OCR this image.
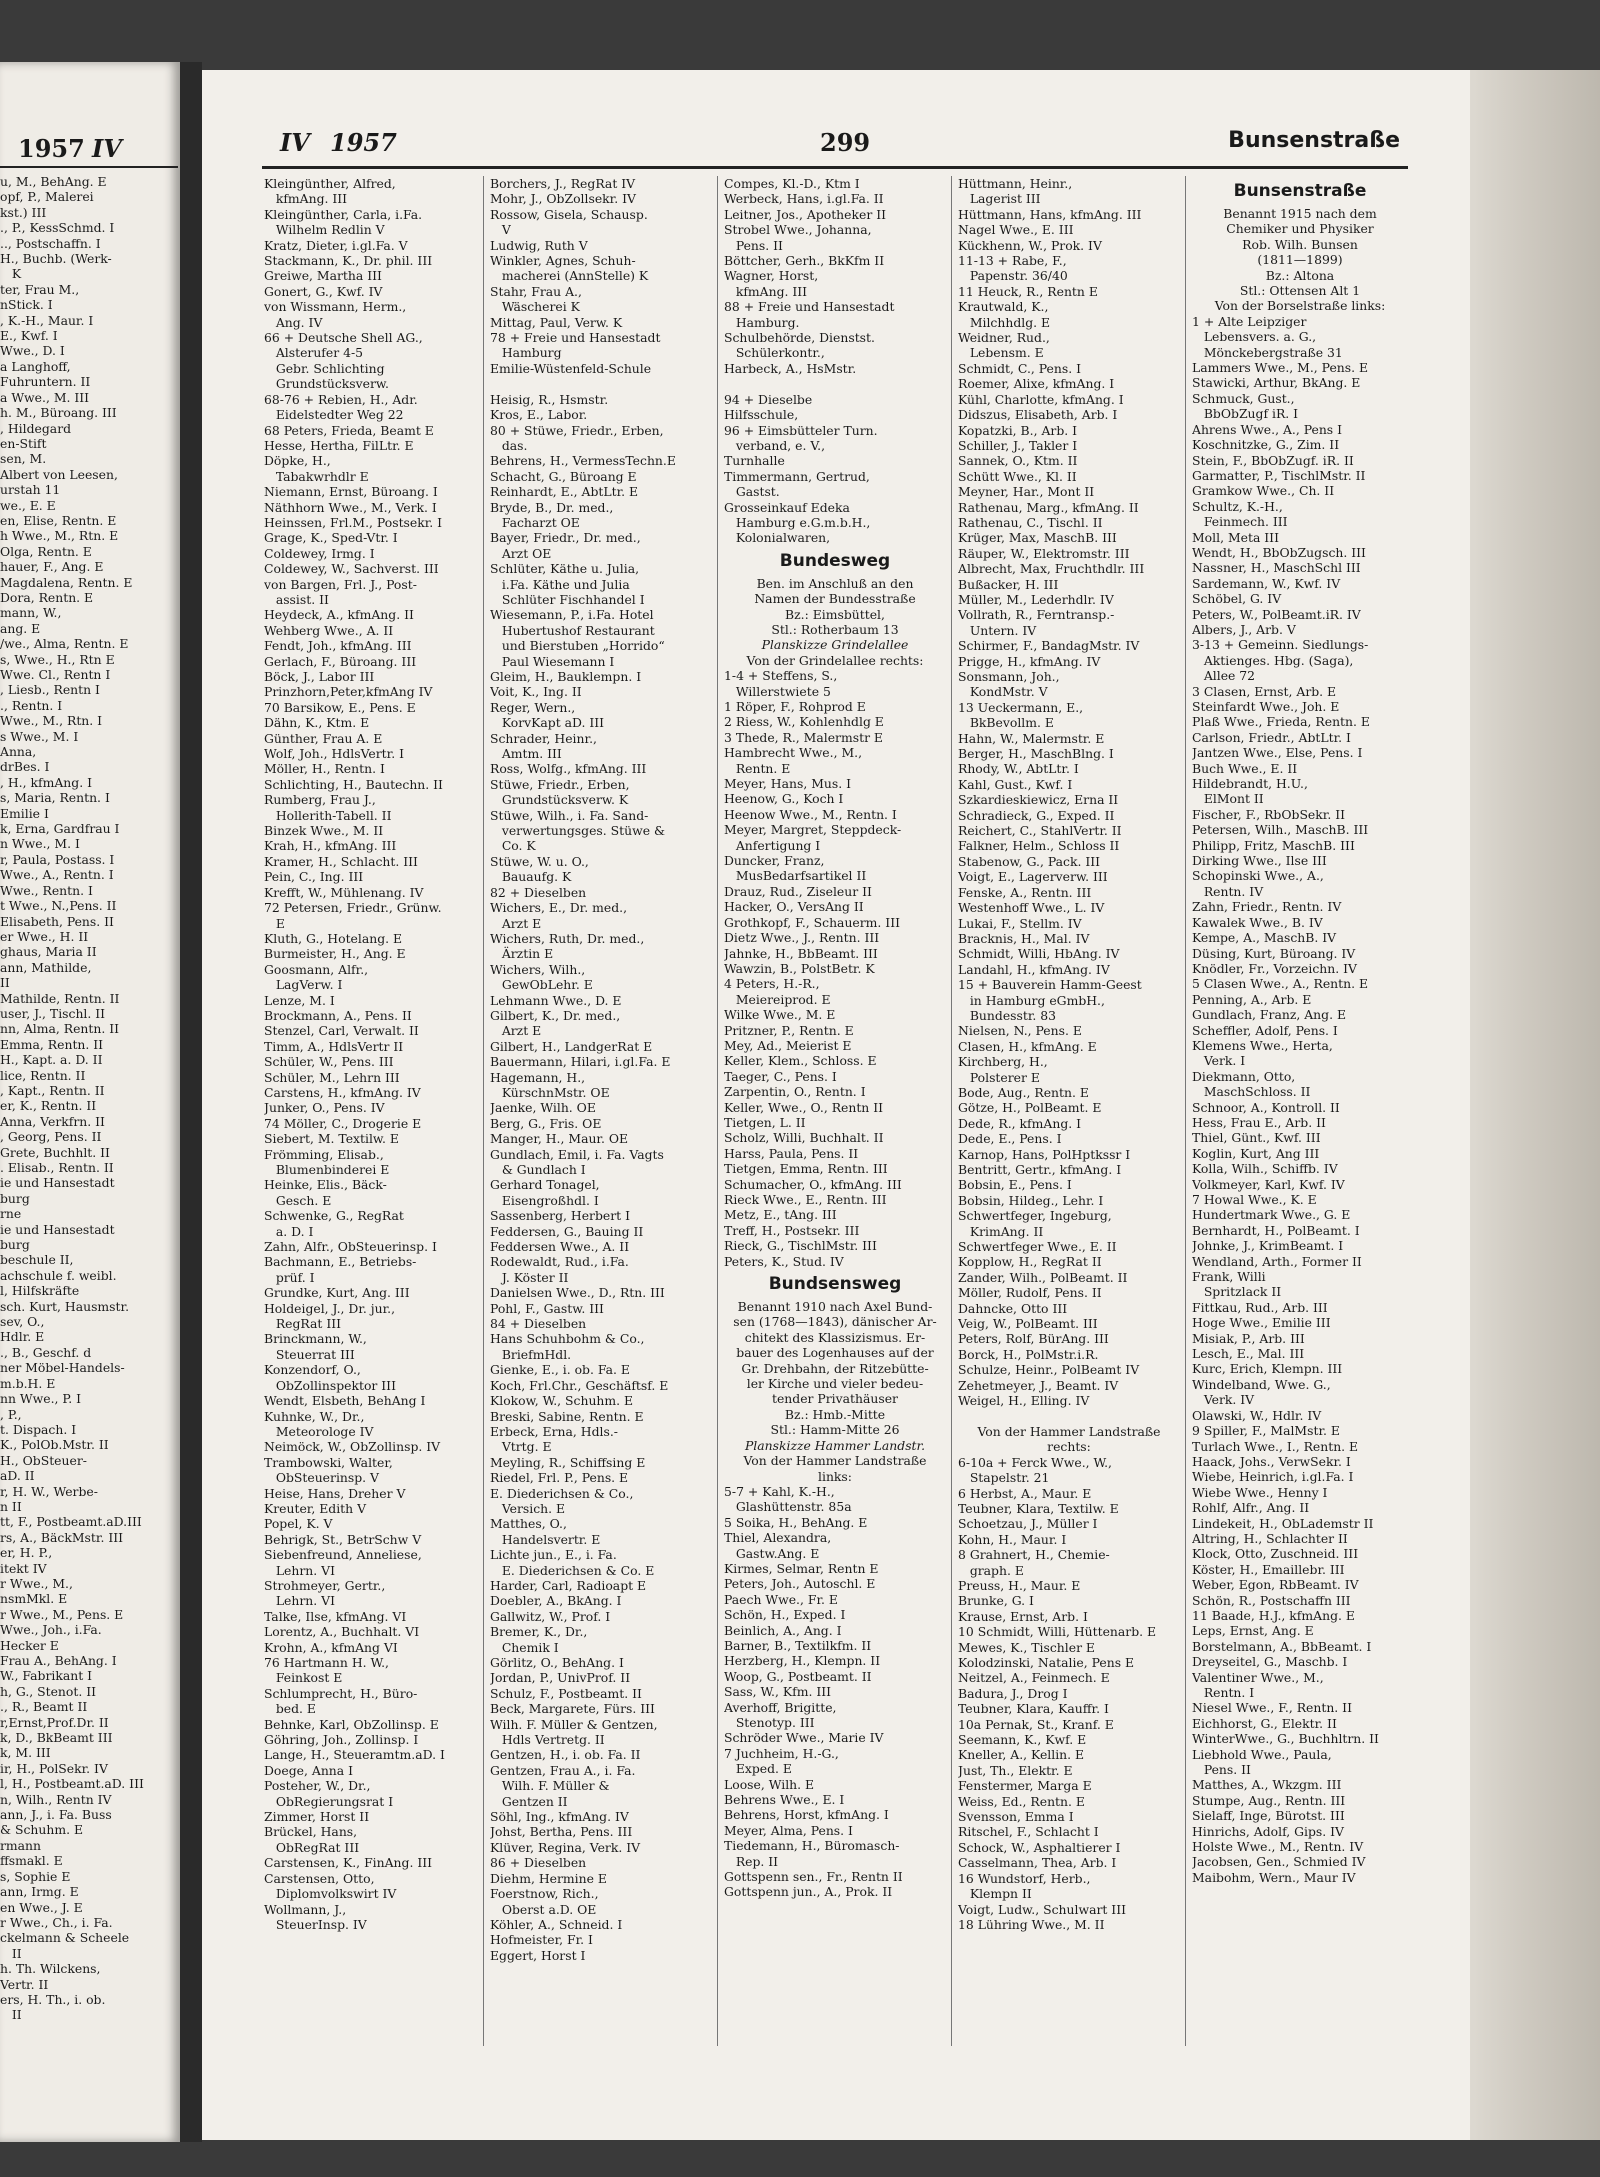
1957 IV
u, M., BehAng. E
opf, P., Malerei
kst.) III
., P., KessSchmd. I
.., Postschaffn. I
H., Buchb. (Werk-
K
ter, Frau M.,
nStick. I
, K.-H., Maur. I
E., Kwf. I
Wwe., D. I
a Langhoff,
Fuhruntern. II
a Wwe., M. III
h. M., Büroang. III
, Hildegard
en-Stift
sen, M.
Albert von Leesen,
urstah 11
we., E. E
en, Elise, Rentn. E
h Wwe., M., Rtn. E
Olga, Rentn. E
hauer, F., Ang. E
Magdalena, Rentn. E
Dora, Rentn. E
mann, W.,
ang. E
/we., Alma, Rentn. E
s, Wwe., H., Rtn E
Wwe. Cl., Rentn I
, Liesb., Rentn I
., Rentn. I
Wwe., M., Rtn. I
s Wwe., M. I
Anna,
drBes. I
, H., kfmAng. I
s, Maria, Rentn. I
Emilie I
k, Erna, Gardfrau I
n Wwe., M. I
r, Paula, Postass. I
Wwe., A., Rentn. I
Wwe., Rentn. I
t Wwe., N.,Pens. II
Elisabeth, Pens. II
er Wwe., H. II
ghaus, Maria II
ann, Mathilde,
II
Mathilde, Rentn. II
user, J., Tischl. II
nn, Alma, Rentn. II
Emma, Rentn. II
H., Kapt. a. D. II
lice, Rentn. II
, Kapt., Rentn. II
er, K., Rentn. II
Anna, Verkfrn. II
, Georg, Pens. II
Grete, Buchhlt. II
. Elisab., Rentn. II
ie und Hansestadt
burg
rne
ie und Hansestadt
burg
beschule II,
achschule f. weibl.
l, Hilfskräfte
sch. Kurt, Hausmstr.
sev, O.,
Hdlr. E
., B., Geschf. d
ner Möbel-Handels-
m.b.H. E
nn Wwe., P. I
, P.,
t. Dispach. I
K., PolOb.Mstr. II
H., ObSteuer-
aD. II
r, H. W., Werbe-
n II
tt, F., Postbeamt.aD.III
rs, A., BäckMstr. III
er, H. P.,
itekt IV
r Wwe., M.,
nsmMkl. E
r Wwe., M., Pens. E
Wwe., Joh., i.Fa.
Hecker E
Frau A., BehAng. I
W., Fabrikant I
h, G., Stenot. II
., R., Beamt II
r,Ernst,Prof.Dr. II
k, D., BkBeamt III
k, M. III
ir, H., PolSekr. IV
l, H., Postbeamt.aD. III
n, Wilh., Rentn IV
ann, J., i. Fa. Buss
& Schuhm. E
rmann
ffsmakl. E
s, Sophie E
ann, Irmg. E
en Wwe., J. E
r Wwe., Ch., i. Fa.
ckelmann & Scheele
II
h. Th. Wilckens,
Vertr. II
ers, H. Th., i. ob.
II
IV 1957	299	Bunsenstraße
Kleingünther, Alfred,
kfmAng. III
Kleingünther, Carla, i.Fa.
Wilhelm Redlin V
Kratz, Dieter, i.gl.Fa. V
Stackmann, K., Dr. phil. III
Greiwe, Martha III
Gonert, G., Kwf. IV
von Wissmann, Herm.,
Ang. IV
66 + Deutsche Shell AG.,
Alsterufer 4-5
Gebr. Schlichting
Grundstücksverw.
68-76 + Rebien, H., Adr.
Eidelstedter Weg 22
68 Peters, Frieda, Beamt E
Hesse, Hertha, FilLtr. E
Döpke, H.,
Tabakwrhdlr E
Niemann, Ernst, Büroang. I
Näthhorn Wwe., M., Verk. I
Heinssen, Frl.M., Postsekr. I
Grage, K., Sped-Vtr. I
Coldewey, Irmg. I
Coldewey, W., Sachverst. III
von Bargen, Frl. J., Post-
assist. II
Heydeck, A., kfmAng. II
Wehberg Wwe., A. II
Fendt, Joh., kfmAng. III
Gerlach, F., Büroang. III
Böck, J., Labor III
Prinzhorn,Peter,kfmAng IV
70 Barsikow, E., Pens. E
Dähn, K., Ktm. E
Günther, Frau A. E
Wolf, Joh., HdlsVertr. I
Möller, H., Rentn. I
Schlichting, H., Bautechn. II
Rumberg, Frau J.,
Hollerith-Tabell. II
Binzek Wwe., M. II
Krah, H., kfmAng. III
Kramer, H., Schlacht. III
Pein, C., Ing. III
Krefft, W., Mühlenang. IV
72 Petersen, Friedr., Grünw.
E
Kluth, G., Hotelang. E
Burmeister, H., Ang. E
Goosmann, Alfr.,
LagVerw. I
Lenze, M. I
Brockmann, A., Pens. II
Stenzel, Carl, Verwalt. II
Timm, A., HdlsVertr II
Schüler, W., Pens. III
Schüler, M., Lehrn III
Carstens, H., kfmAng. IV
Junker, O., Pens. IV
74 Möller, C., Drogerie E
Siebert, M. Textilw. E
Frömming, Elisab.,
Blumenbinderei E
Heinke, Elis., Bäck-
Gesch. E
Schwenke, G., RegRat
a. D. I
Zahn, Alfr., ObSteuerinsp. I
Bachmann, E., Betriebs-
prüf. I
Grundke, Kurt, Ang. III
Holdeigel, J., Dr. jur.,
RegRat III
Brinckmann, W.,
Steuerrat III
Konzendorf, O.,
ObZollinspektor III
Wendt, Elsbeth, BehAng I
Kuhnke, W., Dr.,
Meteorologe IV
Neimöck, W., ObZollinsp. IV
Trambowski, Walter,
ObSteuerinsp. V
Heise, Hans, Dreher V
Kreuter, Edith V
Popel, K. V
Behrigk, St., BetrSchw V
Siebenfreund, Anneliese,
Lehrn. VI
Strohmeyer, Gertr.,
Lehrn. VI
Talke, Ilse, kfmAng. VI
Lorentz, A., Buchhalt. VI
Krohn, A., kfmAng VI
76 Hartmann H. W.,
Feinkost E
Schlumprecht, H., Büro-
bed. E
Behnke, Karl, ObZollinsp. E
Göhring, Joh., Zollinsp. I
Lange, H., Steueramtm.aD. I
Doege, Anna I
Posteher, W., Dr.,
ObRegierungsrat I
Zimmer, Horst II
Brückel, Hans,
ObRegRat III
Carstensen, K., FinAng. III
Carstensen, Otto,
Diplomvolkswirt IV
Wollmann, J.,
SteuerInsp. IV
Borchers, J., RegRat IV
Mohr, J., ObZollsekr. IV
Rossow, Gisela, Schausp.
V
Ludwig, Ruth V
Winkler, Agnes, Schuh-
macherei (AnnStelle) K
Stahr, Frau A.,
Wäscherei K
Mittag, Paul, Verw. K
78 + Freie und Hansestadt
Hamburg
Emilie-Wüstenfeld-Schule

Heisig, R., Hsmstr.
Kros, E., Labor.
80 + Stüwe, Friedr., Erben,
das.
Behrens, H., VermessTechn.E
Schacht, G., Büroang E
Reinhardt, E., AbtLtr. E
Bryde, B., Dr. med.,
Facharzt OE
Bayer, Friedr., Dr. med.,
Arzt OE
Schlüter, Käthe u. Julia,
i.Fa. Käthe und Julia
Schlüter Fischhandel I
Wiesemann, P., i.Fa. Hotel
Hubertushof Restaurant
und Bierstuben „Horrido“
Paul Wiesemann I
Gleim, H., Bauklempn. I
Voit, K., Ing. II
Reger, Wern.,
KorvKapt aD. III
Schrader, Heinr.,
Amtm. III
Ross, Wolfg., kfmAng. III
Stüwe, Friedr., Erben,
Grundstücksverw. K
Stüwe, Wilh., i. Fa. Sand-
verwertungsges. Stüwe &
Co. K
Stüwe, W. u. O.,
Bauaufg. K
82 + Dieselben
Wichers, E., Dr. med.,
Arzt E
Wichers, Ruth, Dr. med.,
Ärztin E
Wichers, Wilh.,
GewObLehr. E
Lehmann Wwe., D. E
Gilbert, K., Dr. med.,
Arzt E
Gilbert, H., LandgerRat E
Bauermann, Hilari, i.gl.Fa. E
Hagemann, H.,
KürschnMstr. OE
Jaenke, Wilh. OE
Berg, G., Fris. OE
Manger, H., Maur. OE
Gundlach, Emil, i. Fa. Vagts
& Gundlach I
Gerhard Tonagel,
Eisengroßhdl. I
Sassenberg, Herbert I
Feddersen, G., Bauing II
Feddersen Wwe., A. II
Rodewaldt, Rud., i.Fa.
J. Köster II
Danielsen Wwe., D., Rtn. III
Pohl, F., Gastw. III
84 + Dieselben
Hans Schuhbohm & Co.,
BriefmHdl.
Gienke, E., i. ob. Fa. E
Koch, Frl.Chr., Geschäftsf. E
Klokow, W., Schuhm. E
Breski, Sabine, Rentn. E
Erbeck, Erna, Hdls.-
Vtrtg. E
Meyling, R., Schiffsing E
Riedel, Frl. P., Pens. E
E. Diederichsen & Co.,
Versich. E
Matthes, O.,
Handelsvertr. E
Lichte jun., E., i. Fa.
E. Diederichsen & Co. E
Harder, Carl, Radioapt E
Doebler, A., BkAng. I
Gallwitz, W., Prof. I
Bremer, K., Dr.,
Chemik I
Görlitz, O., BehAng. I
Jordan, P., UnivProf. II
Schulz, F., Postbeamt. II
Beck, Margarete, Fürs. III
Wilh. F. Müller & Gentzen,
Hdls Vertretg. II
Gentzen, H., i. ob. Fa. II
Gentzen, Frau A., i. Fa.
Wilh. F. Müller &
Gentzen II
Söhl, Ing., kfmAng. IV
Johst, Bertha, Pens. III
Klüver, Regina, Verk. IV
86 + Dieselben
Diehm, Hermine E
Foerstnow, Rich.,
Oberst a.D. OE
Köhler, A., Schneid. I
Hofmeister, Fr. I
Eggert, Horst I
Compes, Kl.-D., Ktm I
Werbeck, Hans, i.gl.Fa. II
Leitner, Jos., Apotheker II
Strobel Wwe., Johanna,
Pens. II
Böttcher, Gerh., BkKfm II
Wagner, Horst,
kfmAng. III
88 + Freie und Hansestadt
Hamburg.
Schulbehörde, Dienstst.
Schülerkontr.,
Harbeck, A., HsMstr.

94 + Dieselbe
Hilfsschule,
96 + Eimsbütteler Turn.
verband, e. V.,
Turnhalle
Timmermann, Gertrud,
Gastst.
Grosseinkauf Edeka
Hamburg e.G.m.b.H.,
Kolonialwaren,
Bundesweg
Ben. im Anschluß an den
Namen der Bundesstraße
Bz.: Eimsbüttel,
Stl.: Rotherbaum 13
Planskizze Grindelallee
Von der Grindelallee rechts:
1-4 + Steffens, S.,
Willerstwiete 5
1 Röper, F., Rohprod E
2 Riess, W., Kohlenhdlg E
3 Thede, R., Malermstr E
Hambrecht Wwe., M.,
Rentn. E
Meyer, Hans, Mus. I
Heenow, G., Koch I
Heenow Wwe., M., Rentn. I
Meyer, Margret, Steppdeck-
Anfertigung I
Duncker, Franz,
MusBedarfsartikel II
Drauz, Rud., Ziseleur II
Hacker, O., VersAng II
Grothkopf, F., Schauerm. III
Dietz Wwe., J., Rentn. III
Jahnke, H., BbBeamt. III
Wawzin, B., PolstBetr. K
4 Peters, H.-R.,
Meiereiprod. E
Wilke Wwe., M. E
Pritzner, P., Rentn. E
Mey, Ad., Meierist E
Keller, Klem., Schloss. E
Taeger, C., Pens. I
Zarpentin, O., Rentn. I
Keller, Wwe., O., Rentn II
Tietgen, L. II
Scholz, Willi, Buchhalt. II
Harss, Paula, Pens. II
Tietgen, Emma, Rentn. III
Schumacher, O., kfmAng. III
Rieck Wwe., E., Rentn. III
Metz, E., tAng. III
Treff, H., Postsekr. III
Rieck, G., TischlMstr. III
Peters, K., Stud. IV
Bundsensweg
Benannt 1910 nach Axel Bund-
sen (1768—1843), dänischer Ar-
chitekt des Klassizismus. Er-
bauer des Logenhauses auf der
Gr. Drehbahn, der Ritzebütte-
ler Kirche und vieler bedeu-
tender Privathäuser
Bz.: Hmb.-Mitte
Stl.: Hamm-Mitte 26
Planskizze Hammer Landstr.
Von der Hammer Landstraße
links:
5-7 + Kahl, K.-H.,
Glashüttenstr. 85a
5 Soika, H., BehAng. E
Thiel, Alexandra,
Gastw.Ang. E
Kirmes, Selmar, Rentn E
Peters, Joh., Autoschl. E
Paech Wwe., Fr. E
Schön, H., Exped. I
Beinlich, A., Ang. I
Barner, B., Textilkfm. II
Herzberg, H., Klempn. II
Woop, G., Postbeamt. II
Sass, W., Kfm. III
Averhoff, Brigitte,
Stenotyp. III
Schröder Wwe., Marie IV
7 Juchheim, H.-G.,
Exped. E
Loose, Wilh. E
Behrens Wwe., E. I
Behrens, Horst, kfmAng. I
Meyer, Alma, Pens. I
Tiedemann, H., Büromasch-
Rep. II
Gottspenn sen., Fr., Rentn II
Gottspenn jun., A., Prok. II
Hüttmann, Heinr.,
Lagerist III
Hüttmann, Hans, kfmAng. III
Nagel Wwe., E. III
Kückhenn, W., Prok. IV
11-13 + Rabe, F.,
Papenstr. 36/40
11 Heuck, R., Rentn E
Krautwald, K.,
Milchhdlg. E
Weidner, Rud.,
Lebensm. E
Schmidt, C., Pens. I
Roemer, Alixe, kfmAng. I
Kühl, Charlotte, kfmAng. I
Didszus, Elisabeth, Arb. I
Kopatzki, B., Arb. I
Schiller, J., Takler I
Sannek, O., Ktm. II
Schütt Wwe., Kl. II
Meyner, Har., Mont II
Rathenau, Marg., kfmAng. II
Rathenau, C., Tischl. II
Krüger, Max, MaschB. III
Räuper, W., Elektromstr. III
Albrecht, Max, Fruchthdlr. III
Bußacker, H. III
Müller, M., Lederhdlr. IV
Vollrath, R., Ferntransp.-
Untern. IV
Schirmer, F., BandagMstr. IV
Prigge, H., kfmAng. IV
Sonsmann, Joh.,
KondMstr. V
13 Ueckermann, E.,
BkBevollm. E
Hahn, W., Malermstr. E
Berger, H., MaschBlng. I
Rhody, W., AbtLtr. I
Kahl, Gust., Kwf. I
Szkardieskiewicz, Erna II
Schradieck, G., Exped. II
Reichert, C., StahlVertr. II
Falkner, Helm., Schloss II
Stabenow, G., Pack. III
Voigt, E., Lagerverw. III
Fenske, A., Rentn. III
Westenhoff Wwe., L. IV
Lukai, F., Stellm. IV
Bracknis, H., Mal. IV
Schmidt, Willi, HbAng. IV
Landahl, H., kfmAng. IV
15 + Bauverein Hamm-Geest
in Hamburg eGmbH.,
Bundesstr. 83
Nielsen, N., Pens. E
Clasen, H., kfmAng. E
Kirchberg, H.,
Polsterer E
Bode, Aug., Rentn. E
Götze, H., PolBeamt. E
Dede, R., kfmAng. I
Dede, E., Pens. I
Karnop, Hans, PolHptkssr I
Bentritt, Gertr., kfmAng. I
Bobsin, E., Pens. I
Bobsin, Hildeg., Lehr. I
Schwertfeger, Ingeburg,
KrimAng. II
Schwertfeger Wwe., E. II
Kopplow, H., RegRat II
Zander, Wilh., PolBeamt. II
Möller, Rudolf, Pens. II
Dahncke, Otto III
Veig, W., PolBeamt. III
Peters, Rolf, BürAng. III
Borck, H., PolMstr.i.R.
Schulze, Heinr., PolBeamt IV
Zehetmeyer, J., Beamt. IV
Weigel, H., Elling. IV

Von der Hammer Landstraße
rechts:
6-10a + Ferck Wwe., W.,
Stapelstr. 21
6 Herbst, A., Maur. E
Teubner, Klara, Textilw. E
Schoetzau, J., Müller I
Kohn, H., Maur. I
8 Grahnert, H., Chemie-
graph. E
Preuss, H., Maur. E
Brunke, G. I
Krause, Ernst, Arb. I
10 Schmidt, Willi, Hüttenarb. E
Mewes, K., Tischler E
Kolodzinski, Natalie, Pens E
Neitzel, A., Feinmech. E
Badura, J., Drog I
Teubner, Klara, Kauffr. I
10a Pernak, St., Kranf. E
Seemann, K., Kwf. E
Kneller, A., Kellin. E
Just, Th., Elektr. E
Fenstermer, Marga E
Weiss, Ed., Rentn. E
Svensson, Emma I
Ritschel, F., Schlacht I
Schock, W., Asphaltierer I
Casselmann, Thea, Arb. I
16 Wundstorf, Herb.,
Klempn II
Voigt, Ludw., Schulwart III
18 Lühring Wwe., M. II
Bunsenstraße
Benannt 1915 nach dem
Chemiker und Physiker
Rob. Wilh. Bunsen
(1811—1899)
Bz.: Altona
Stl.: Ottensen Alt 1
Von der Borselstraße links:
1 + Alte Leipziger
Lebensvers. a. G.,
Mönckebergstraße 31
Lammers Wwe., M., Pens. E
Stawicki, Arthur, BkAng. E
Schmuck, Gust.,
BbObZugf iR. I
Ahrens Wwe., A., Pens I
Koschnitzke, G., Zim. II
Stein, F., BbObZugf. iR. II
Garmatter, P., TischlMstr. II
Gramkow Wwe., Ch. II
Schultz, K.-H.,
Feinmech. III
Moll, Meta III
Wendt, H., BbObZugsch. III
Nassner, H., MaschSchl III
Sardemann, W., Kwf. IV
Schöbel, G. IV
Peters, W., PolBeamt.iR. IV
Albers, J., Arb. V
3-13 + Gemeinn. Siedlungs-
Aktienges. Hbg. (Saga),
Allee 72
3 Clasen, Ernst, Arb. E
Steinfardt Wwe., Joh. E
Plaß Wwe., Frieda, Rentn. E
Carlson, Friedr., AbtLtr. I
Jantzen Wwe., Else, Pens. I
Buch Wwe., E. II
Hildebrandt, H.U.,
ElMont II
Fischer, F., RbObSekr. II
Petersen, Wilh., MaschB. III
Philipp, Fritz, MaschB. III
Dirking Wwe., Ilse III
Schopinski Wwe., A.,
Rentn. IV
Zahn, Friedr., Rentn. IV
Kawalek Wwe., B. IV
Kempe, A., MaschB. IV
Düsing, Kurt, Büroang. IV
Knödler, Fr., Vorzeichn. IV
5 Clasen Wwe., A., Rentn. E
Penning, A., Arb. E
Gundlach, Franz, Ang. E
Scheffler, Adolf, Pens. I
Klemens Wwe., Herta,
Verk. I
Diekmann, Otto,
MaschSchloss. II
Schnoor, A., Kontroll. II
Hess, Frau E., Arb. II
Thiel, Günt., Kwf. III
Koglin, Kurt, Ang III
Kolla, Wilh., Schiffb. IV
Volkmeyer, Karl, Kwf. IV
7 Howal Wwe., K. E
Hundertmark Wwe., G. E
Bernhardt, H., PolBeamt. I
Johnke, J., KrimBeamt. I
Wendland, Arth., Former II
Frank, Willi
Spritzlack II
Fittkau, Rud., Arb. III
Hoge Wwe., Emilie III
Misiak, P., Arb. III
Lesch, E., Mal. III
Kurc, Erich, Klempn. III
Windelband, Wwe. G.,
Verk. IV
Olawski, W., Hdlr. IV
9 Spiller, F., MalMstr. E
Turlach Wwe., I., Rentn. E
Haack, Johs., VerwSekr. I
Wiebe, Heinrich, i.gl.Fa. I
Wiebe Wwe., Henny I
Rohlf, Alfr., Ang. II
Lindekeit, H., ObLademstr II
Altring, H., Schlachter II
Klock, Otto, Zuschneid. III
Köster, H., Emaillebr. III
Weber, Egon, RbBeamt. IV
Schön, R., Postschaffn III
11 Baade, H.J., kfmAng. E
Leps, Ernst, Ang. E
Borstelmann, A., BbBeamt. I
Dreyseitel, G., Maschb. I
Valentiner Wwe., M.,
Rentn. I
Niesel Wwe., F., Rentn. II
Eichhorst, G., Elektr. II
WinterWwe., G., Buchhltrn. II
Liebhold Wwe., Paula,
Pens. II
Matthes, A., Wkzgm. III
Stumpe, Aug., Rentn. III
Sielaff, Inge, Bürotst. III
Hinrichs, Adolf, Gips. IV
Holste Wwe., M., Rentn. IV
Jacobsen, Gen., Schmied IV
Maibohm, Wern., Maur IV
